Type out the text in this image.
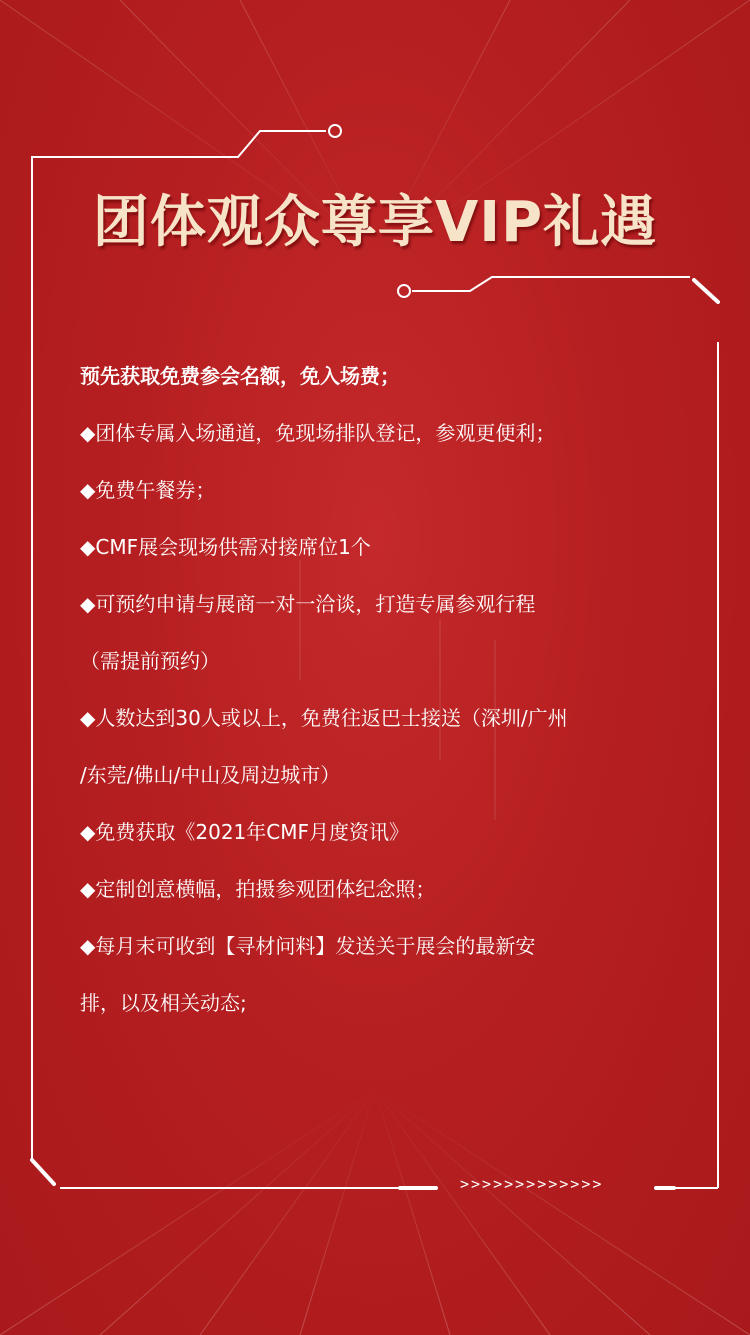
团体观众尊享VIP礼遇
预先获取免费参会名额，免入场费；
◆团体专属入场通道，免现场排队登记，参观更便利；
◆免费午餐券；
◆CMF展会现场供需对接席位1个
◆可预约申请与展商一对一洽谈，打造专属参观行程
（需提前预约）
◆人数达到30人或以上，免费往返巴士接送（深圳/广州
/东莞/佛山/中山及周边城市）
◆免费获取《2021年CMF月度资讯》
◆定制创意横幅，拍摄参观团体纪念照；
◆每月末可收到【寻材问料】发送关于展会的最新安
排，以及相关动态;
>>>>>>>>>>>>>
